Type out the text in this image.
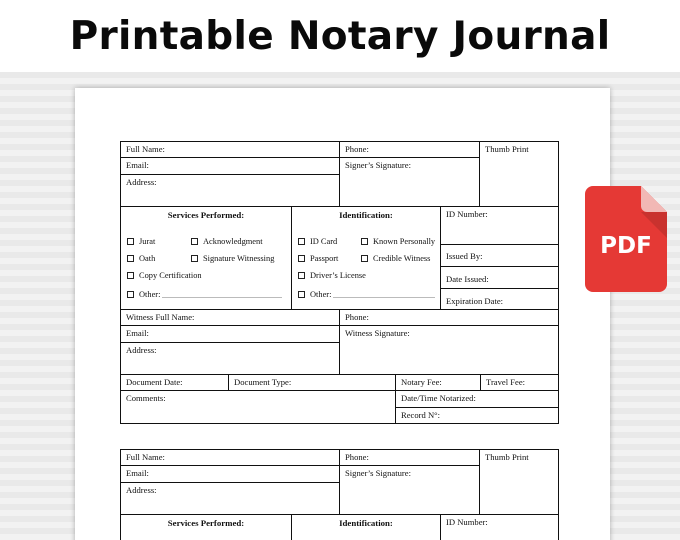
Printable Notary Journal
Full Name:	Phone:	Thumb Print
Email:	Signer’s Signature:
Address:
Services Performed:
Jurat	Acknowledgment
Oath	Signature Witnessing
Copy Certification
Other:
Identification:
ID Card	Known Personally
Passport	Credible Witness
Driver’s License
Other:
ID Number:
Issued By:
Date Issued:
Expiration Date:
Witness Full Name:	Phone:
Email:	Witness Signature:
Address:
Document Date:	Document Type:	Notary Fee:	Travel Fee:
Comments:	Date/Time Notarized:
Record N°:
Full Name:	Phone:	Thumb Print
Email:	Signer’s Signature:
Address:
Services Performed:	Identification:	ID Number:
PDF
